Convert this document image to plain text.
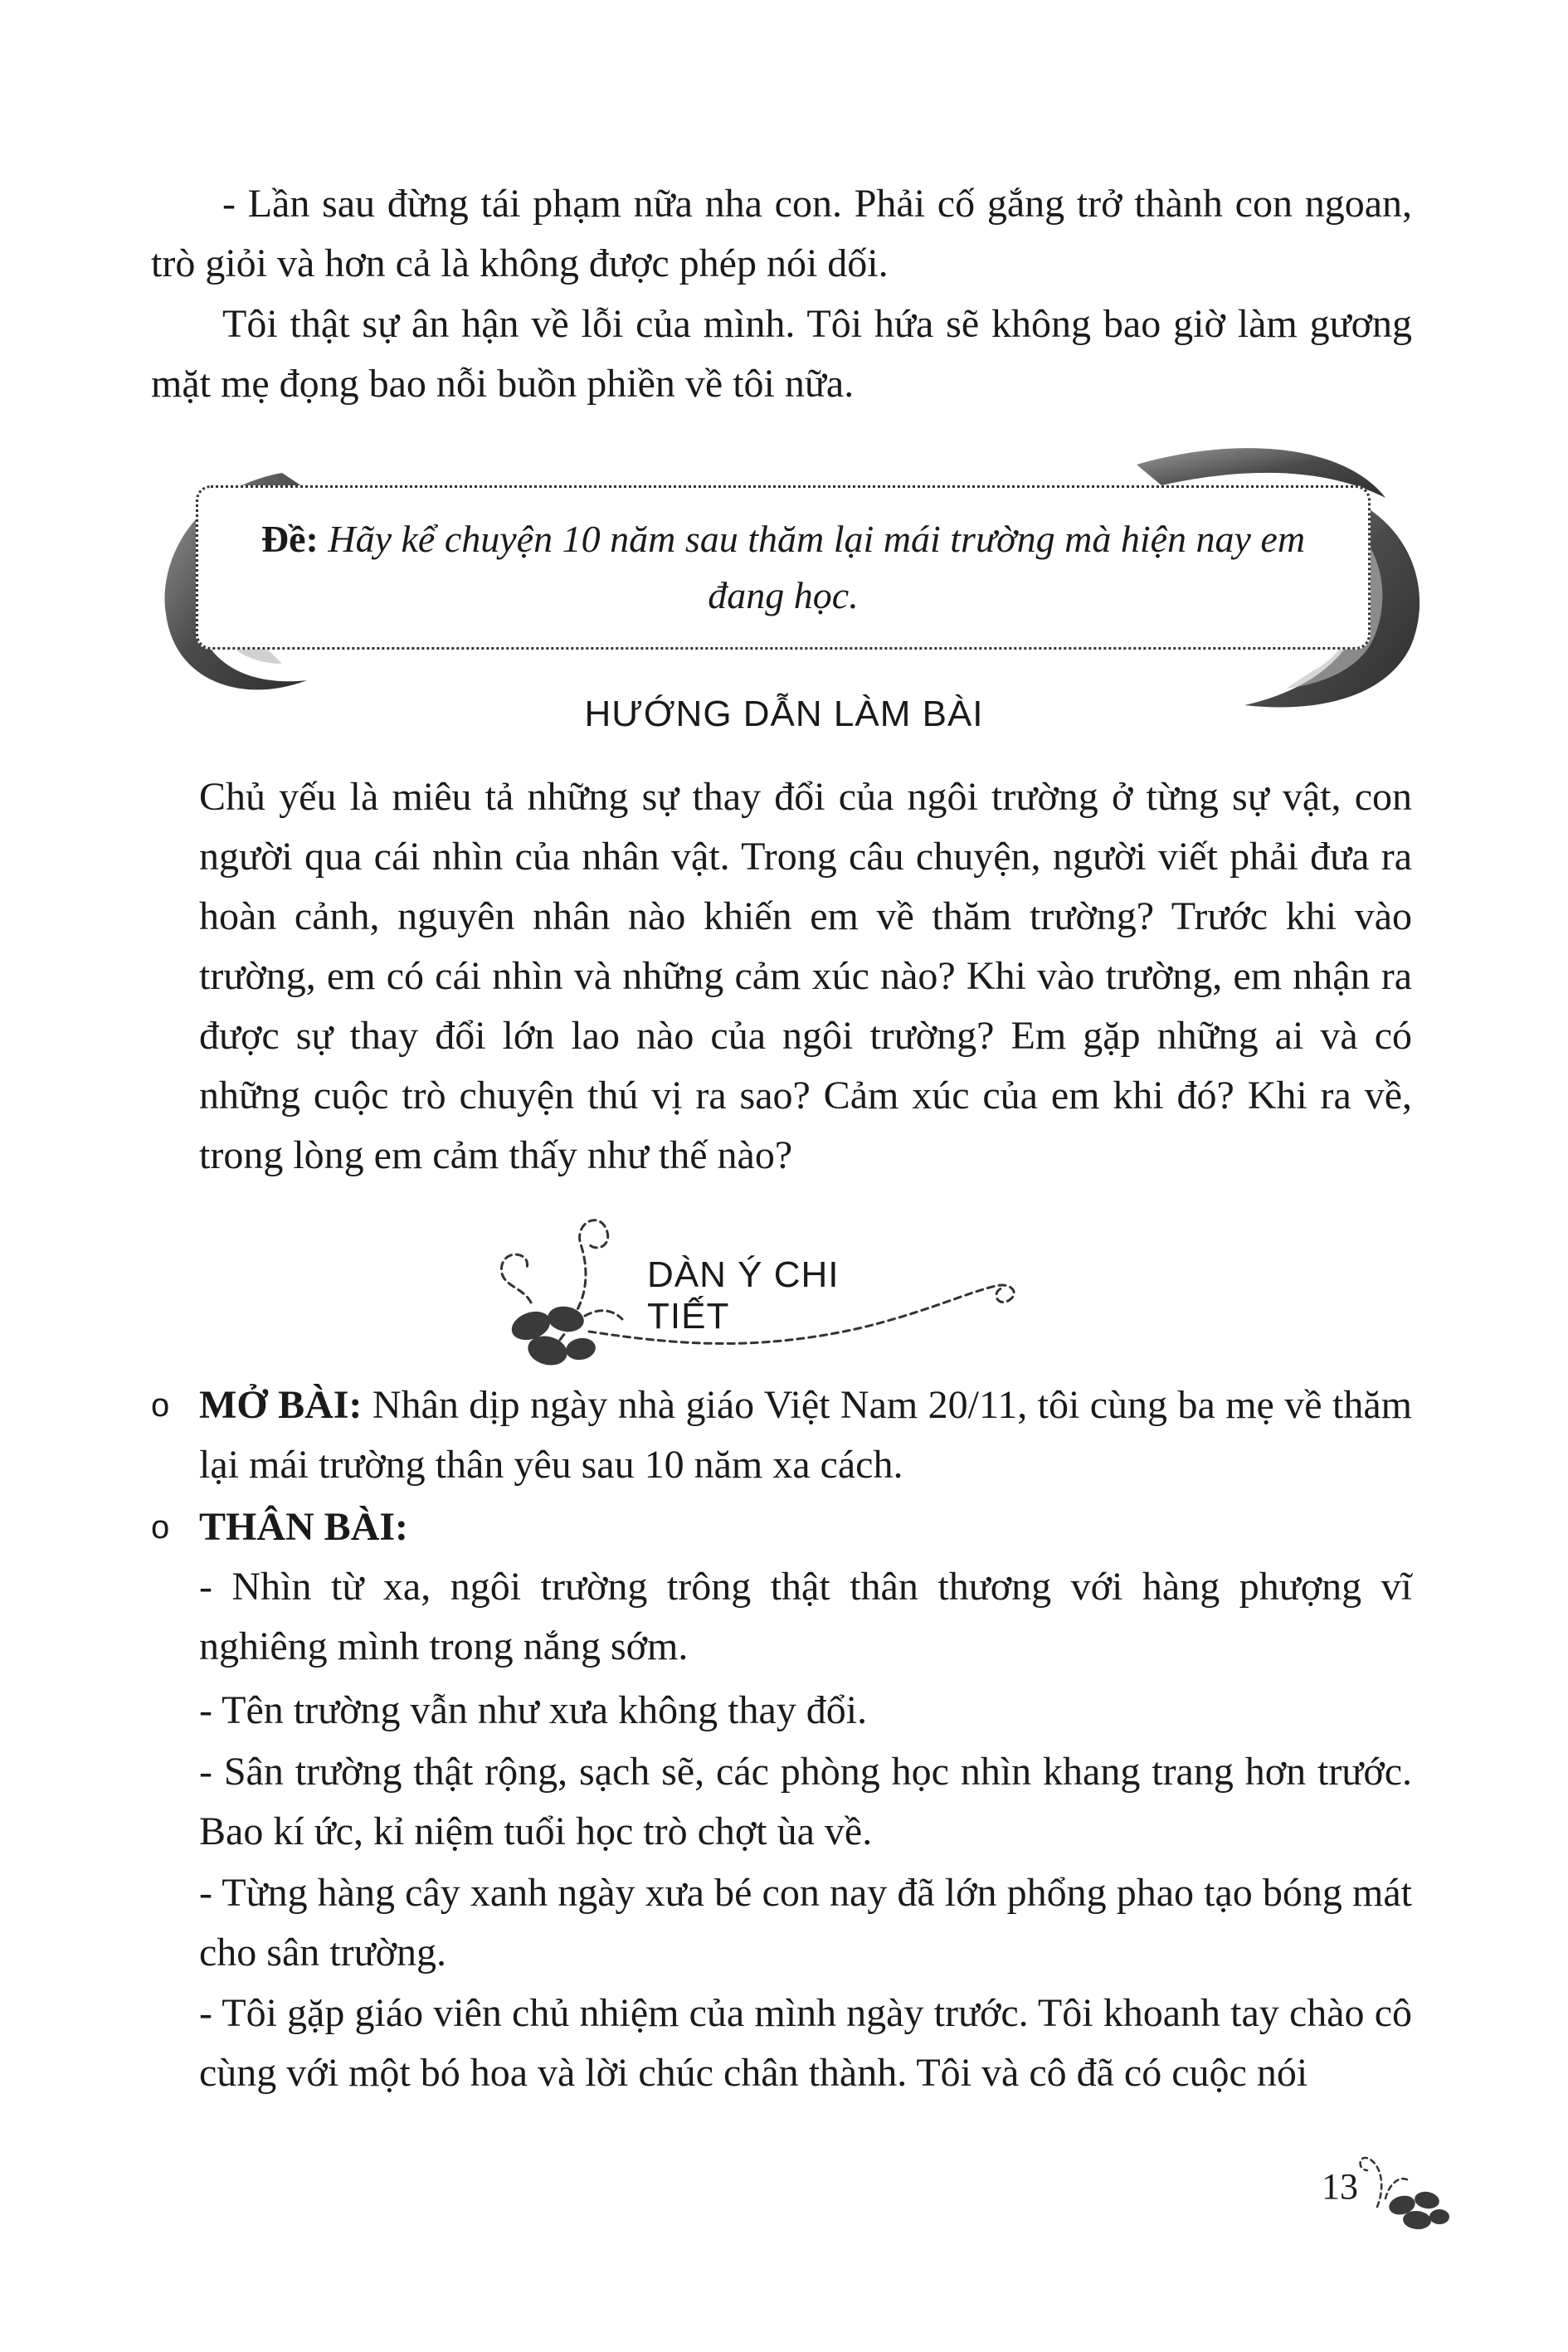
- Lần sau đừng tái phạm nữa nha con. Phải cố gắng trở thành con ngoan, trò giỏi và hơn cả là không được phép nói dối.

Tôi thật sự ân hận về lỗi của mình. Tôi hứa sẽ không bao giờ làm gương mặt mẹ đọng bao nỗi buồn phiền về tôi nữa.

Đề: Hãy kể chuyện 10 năm sau thăm lại mái trường mà hiện nay em đang học.
HƯỚNG DẪN LÀM BÀI

Chủ yếu là miêu tả những sự thay đổi của ngôi trường ở từng sự vật, con người qua cái nhìn của nhân vật. Trong câu chuyện, người viết phải đưa ra hoàn cảnh, nguyên nhân nào khiến em về thăm trường? Trước khi vào trường, em có cái nhìn và những cảm xúc nào? Khi vào trường, em nhận ra được sự thay đổi lớn lao nào của ngôi trường? Em gặp những ai và có những cuộc trò chuyện thú vị ra sao? Cảm xúc của em khi đó? Khi ra về, trong lòng em cảm thấy như thế nào?

DÀN Ý CHI TIẾT
o MỞ BÀI: Nhân dịp ngày nhà giáo Việt Nam 20/11, tôi cùng ba mẹ về thăm lại mái trường thân yêu sau 10 năm xa cách.
o THÂN BÀI:

- Nhìn từ xa, ngôi trường trông thật thân thương với hàng phượng vĩ nghiêng mình trong nắng sớm.

- Tên trường vẫn như xưa không thay đổi.

- Sân trường thật rộng, sạch sẽ, các phòng học nhìn khang trang hơn trước. Bao kí ức, kỉ niệm tuổi học trò chợt ùa về.

- Từng hàng cây xanh ngày xưa bé con nay đã lớn phổng phao tạo bóng mát cho sân trường.

- Tôi gặp giáo viên chủ nhiệm của mình ngày trước. Tôi khoanh tay chào cô cùng với một bó hoa và lời chúc chân thành. Tôi và cô đã có cuộc nói

13
